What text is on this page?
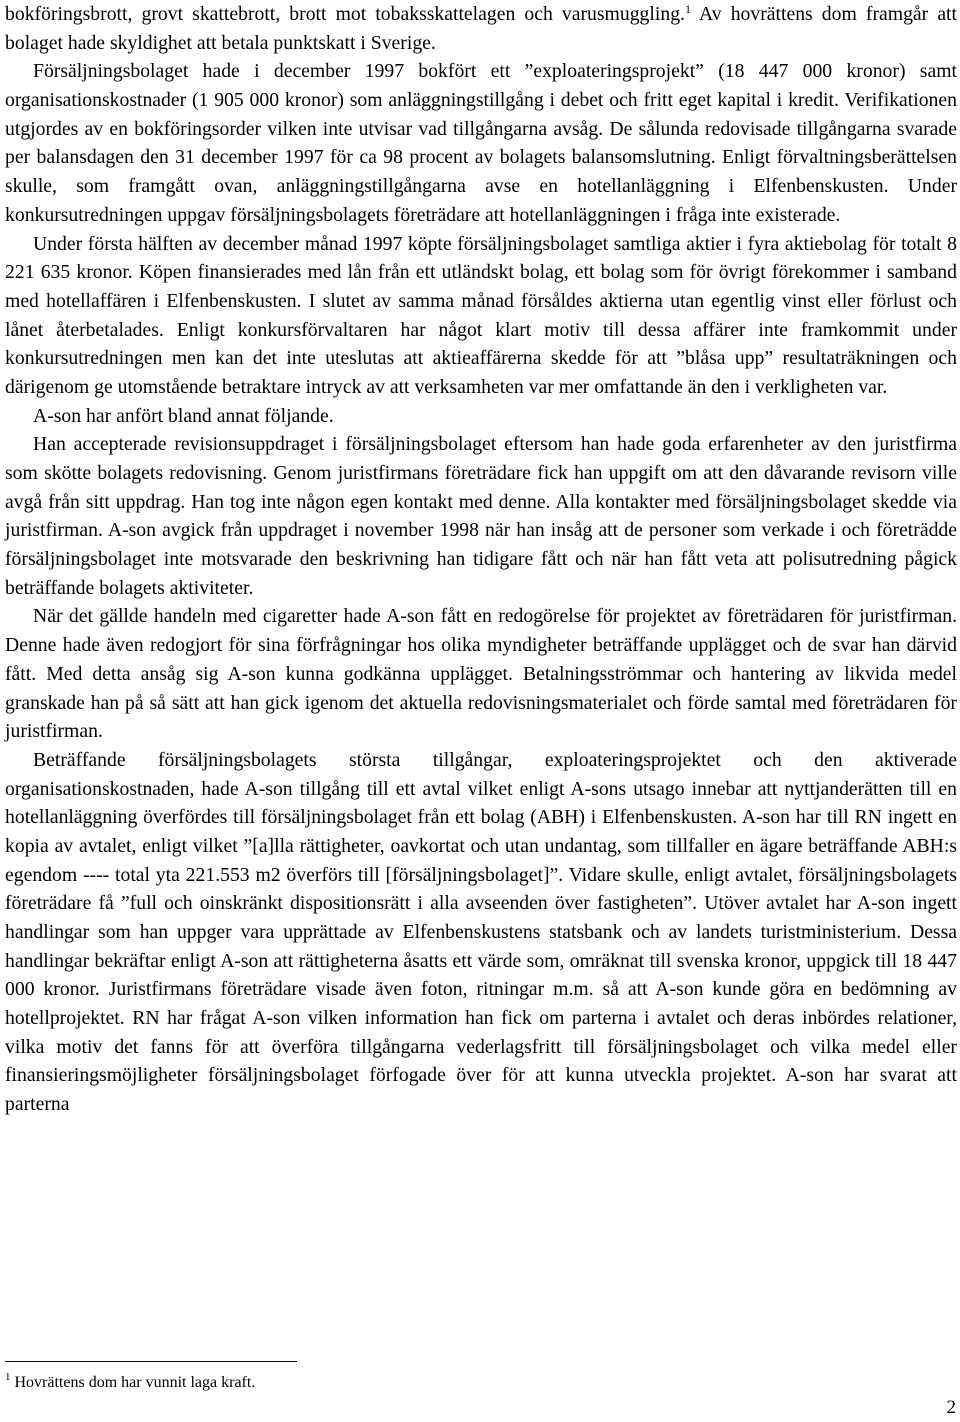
bokföringsbrott, grovt skattebrott, brott mot tobaksskattelagen och varusmuggling.$^1$ Av hovrättens dom framgår att bolaget hade skyldighet att betala punktskatt i Sverige.

Försäljningsbolaget hade i december 1997 bokfört ett ”exploateringsprojekt” (18 447 000 kronor) samt organisationskostnader (1 905 000 kronor) som anläggningstillgång i debet och fritt eget kapital i kredit. Verifikationen utgjordes av en bokföringsorder vilken inte utvisar vad tillgångarna avsåg. De sålunda redovisade tillgångarna svarade per balansdagen den 31 december 1997 för ca 98 procent av bolagets balansomslutning. Enligt förvaltningsberättelsen skulle, som framgått ovan, anläggningstillgångarna avse en hotellanläggning i Elfenbenskusten. Under konkursutredningen uppgav försäljningsbolagets företrädare att hotellanläggningen i fråga inte existerade.

Under första hälften av december månad 1997 köpte försäljningsbolaget samtliga aktier i fyra aktiebolag för totalt 8 221 635 kronor. Köpen finansierades med lån från ett utländskt bolag, ett bolag som för övrigt förekommer i samband med hotellaffären i Elfenbenskusten. I slutet av samma månad försåldes aktierna utan egentlig vinst eller förlust och lånet återbetalades. Enligt konkursförvaltaren har något klart motiv till dessa affärer inte framkommit under konkursutredningen men kan det inte uteslutas att aktieaffärerna skedde för att ”blåsa upp” resultaträkningen och därigenom ge utomstående betraktare intryck av att verksamheten var mer omfattande än den i verkligheten var.

A-son har anfört bland annat följande.

Han accepterade revisionsuppdraget i försäljningsbolaget eftersom han hade goda erfarenheter av den juristfirma som skötte bolagets redovisning. Genom juristfirmans företrädare fick han uppgift om att den dåvarande revisorn ville avgå från sitt uppdrag. Han tog inte någon egen kontakt med denne. Alla kontakter med försäljningsbolaget skedde via juristfirman. A-son avgick från uppdraget i november 1998 när han insåg att de personer som verkade i och företrädde försäljningsbolaget inte motsvarade den beskrivning han tidigare fått och när han fått veta att polisutredning pågick beträffande bolagets aktiviteter.

När det gällde handeln med cigaretter hade A-son fått en redogörelse för projektet av företrädaren för juristfirman. Denne hade även redogjort för sina förfrågningar hos olika myndigheter beträffande upplägget och de svar han därvid fått. Med detta ansåg sig A-son kunna godkänna upplägget. Betalningsströmmar och hantering av likvida medel granskade han på så sätt att han gick igenom det aktuella redovisningsmaterialet och förde samtal med företrädaren för juristfirman.

Beträffande försäljningsbolagets största tillgångar, exploateringsprojektet och den aktiverade organisationskostnaden, hade A-son tillgång till ett avtal vilket enligt A-sons utsago innebar att nyttjanderätten till en hotellanläggning överfördes till försäljningsbolaget från ett bolag (ABH) i Elfenbenskusten. A-son har till RN ingett en kopia av avtalet, enligt vilket ”[a]lla rättigheter, oavkortat och utan undantag, som tillfaller en ägare beträffande ABH:s egendom ---- total yta 221.553 m2 överförs till [försäljningsbolaget]”. Vidare skulle, enligt avtalet, försäljningsbolagets företrädare få ”full och oinskränkt dispositionsrätt i alla avseenden över fastigheten”. Utöver avtalet har A-son ingett handlingar som han uppger vara upprättade av Elfenbenskustens statsbank och av landets turistministerium. Dessa handlingar bekräftar enligt A-son att rättigheterna åsatts ett värde som, omräknat till svenska kronor, uppgick till 18 447 000 kronor. Juristfirmans företrädare visade även foton, ritningar m.m. så att A-son kunde göra en bedömning av hotellprojektet. RN har frågat A-son vilken information han fick om parterna i avtalet och deras inbördes relationer, vilka motiv det fanns för att överföra tillgångarna vederlagsfritt till försäljningsbolaget och vilka medel eller finansieringsmöjligheter försäljningsbolaget förfogade över för att kunna utveckla projektet. A-son har svarat att parterna

$^1$ Hovrättens dom har vunnit laga kraft.
2
